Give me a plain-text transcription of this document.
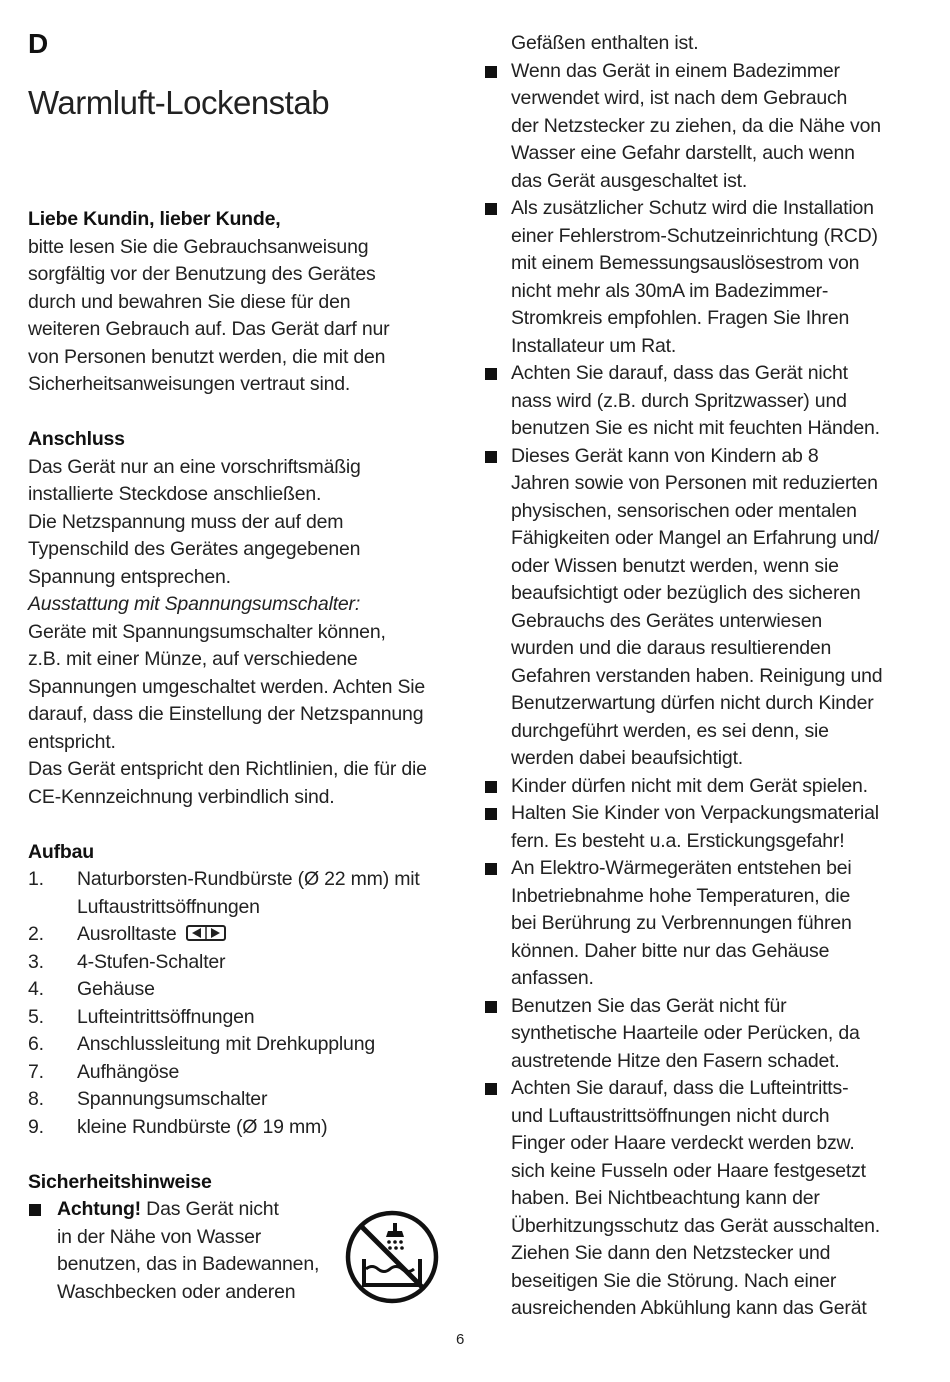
D
Warmluft-Lockenstab
Liebe Kundin, lieber Kunde,
bitte lesen Sie die Gebrauchsanweisung
sorgfältig vor der Benutzung des Gerätes
durch und bewahren Sie diese für den
weiteren Gebrauch auf. Das Gerät darf nur
von Personen benutzt werden, die mit den
Sicherheitsanweisungen vertraut sind.
Anschluss
Das Gerät nur an eine vorschriftsmäßig
installierte Steckdose anschließen.
Die Netzspannung muss der auf dem
Typenschild des Gerätes angegebenen
Spannung entsprechen.
Ausstattung mit Spannungsumschalter:
Geräte mit Spannungsumschalter können,
z.B. mit einer Münze, auf verschiedene
Spannungen umgeschaltet werden. Achten Sie
darauf, dass die Einstellung der Netzspannung
entspricht.
Das Gerät entspricht den Richtlinien, die für die
CE-Kennzeichnung verbindlich sind.
Aufbau
1.	Naturborsten-Rundbürste (Ø 22 mm) mit
Luftaustrittsöffnungen
2.	Ausrolltaste
3.	4-Stufen-Schalter
4.	Gehäuse
5.	Lufteintrittsöffnungen
6.	Anschlussleitung mit Drehkupplung
7.	Aufhängöse
8.	Spannungsumschalter
9.	kleine Rundbürste (Ø 19 mm)
Sicherheitshinweise
Achtung! Das Gerät nicht
in der Nähe von Wasser
benutzen, das in Badewannen,
Waschbecken oder anderen
Gefäßen enthalten ist.
Wenn das Gerät in einem Badezimmer
verwendet wird, ist nach dem Gebrauch
der Netzstecker zu ziehen, da die Nähe von
Wasser eine Gefahr darstellt, auch wenn
das Gerät ausgeschaltet ist.
Als zusätzlicher Schutz wird die Installation
einer Fehlerstrom-Schutzeinrichtung (RCD)
mit einem Bemessungsauslösestrom von
nicht mehr als 30mA im Badezimmer-
Stromkreis empfohlen. Fragen Sie Ihren
Installateur um Rat.
Achten Sie darauf, dass das Gerät nicht
nass wird (z.B. durch Spritzwasser) und
benutzen Sie es nicht mit feuchten Händen.
Dieses Gerät kann von Kindern ab 8
Jahren sowie von Personen mit reduzierten
physischen, sensorischen oder mentalen
Fähigkeiten oder Mangel an Erfahrung und/
oder Wissen benutzt werden, wenn sie
beaufsichtigt oder bezüglich des sicheren
Gebrauchs des Gerätes unterwiesen
wurden und die daraus resultierenden
Gefahren verstanden haben. Reinigung und
Benutzerwartung dürfen nicht durch Kinder
durchgeführt werden, es sei denn, sie
werden dabei beaufsichtigt.
Kinder dürfen nicht mit dem Gerät spielen.
Halten Sie Kinder von Verpackungsmaterial
fern. Es besteht u.a. Erstickungsgefahr!
An Elektro-Wärmegeräten entstehen bei
Inbetriebnahme hohe Temperaturen, die
bei Berührung zu Verbrennungen führen
können. Daher bitte nur das Gehäuse
anfassen.
Benutzen Sie das Gerät nicht für
synthetische Haarteile oder Perücken, da
austretende Hitze den Fasern schadet.
Achten Sie darauf, dass die Lufteintritts-
und Luftaustrittsöffnungen nicht durch
Finger oder Haare verdeckt werden bzw.
sich keine Fusseln oder Haare festgesetzt
haben. Bei Nichtbeachtung kann der
Überhitzungsschutz das Gerät ausschalten.
Ziehen Sie dann den Netzstecker und
beseitigen Sie die Störung. Nach einer
ausreichenden Abkühlung kann das Gerät
6
